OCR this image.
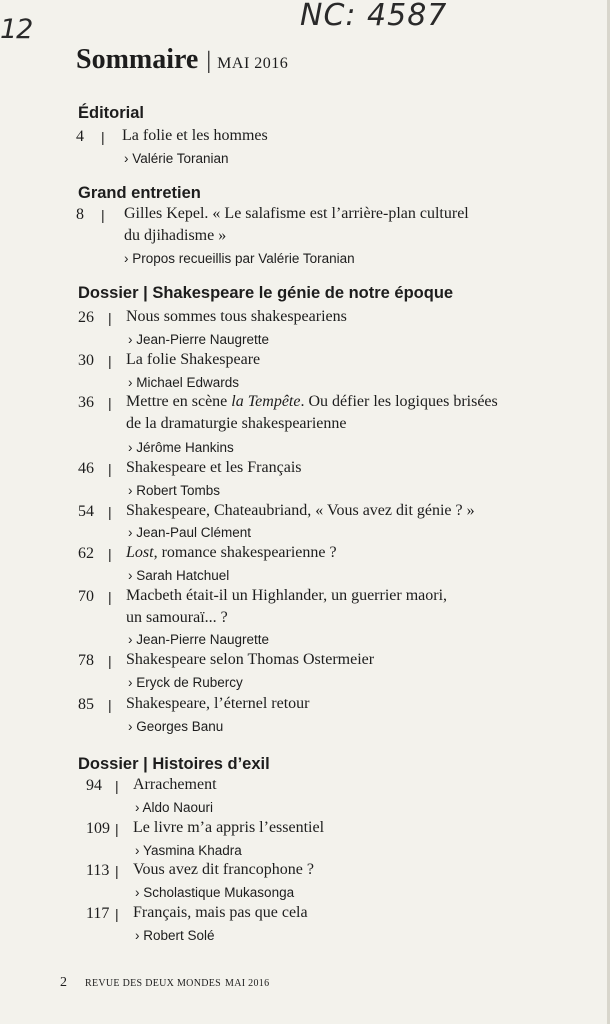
12	NC: 4587
Sommaire | MAI 2016
Éditorial
4	| La folie et les hommes
› Valérie Toranian
Grand entretien
8	| Gilles Kepel. « Le salafisme est l’arrière-plan culturel
du djihadisme »
› Propos recueillis par Valérie Toranian
Dossier | Shakespeare le génie de notre époque
26	| Nous sommes tous shakespeariens
› Jean-Pierre Naugrette
30	| La folie Shakespeare
› Michael Edwards
36	| Mettre en scène la Tempête. Ou défier les logiques brisées
de la dramaturgie shakespearienne
› Jérôme Hankins
46	| Shakespeare et les Français
› Robert Tombs
54	| Shakespeare, Chateaubriand, « Vous avez dit génie ? »
› Jean-Paul Clément
62	| Lost, romance shakespearienne ?
› Sarah Hatchuel
70	| Macbeth était-il un Highlander, un guerrier maori,
un samouraï... ?
› Jean-Pierre Naugrette
78	| Shakespeare selon Thomas Ostermeier
› Eryck de Rubercy
85	| Shakespeare, l’éternel retour
› Georges Banu
Dossier | Histoires d’exil
94 | Arrachement
› Aldo Naouri
109 | Le livre m’a appris l’essentiel
› Yasmina Khadra
113 | Vous avez dit francophone ?
› Scholastique Mukasonga
117 | Français, mais pas que cela
› Robert Solé
2 REVUE DES DEUX MONDES MAI 2016
